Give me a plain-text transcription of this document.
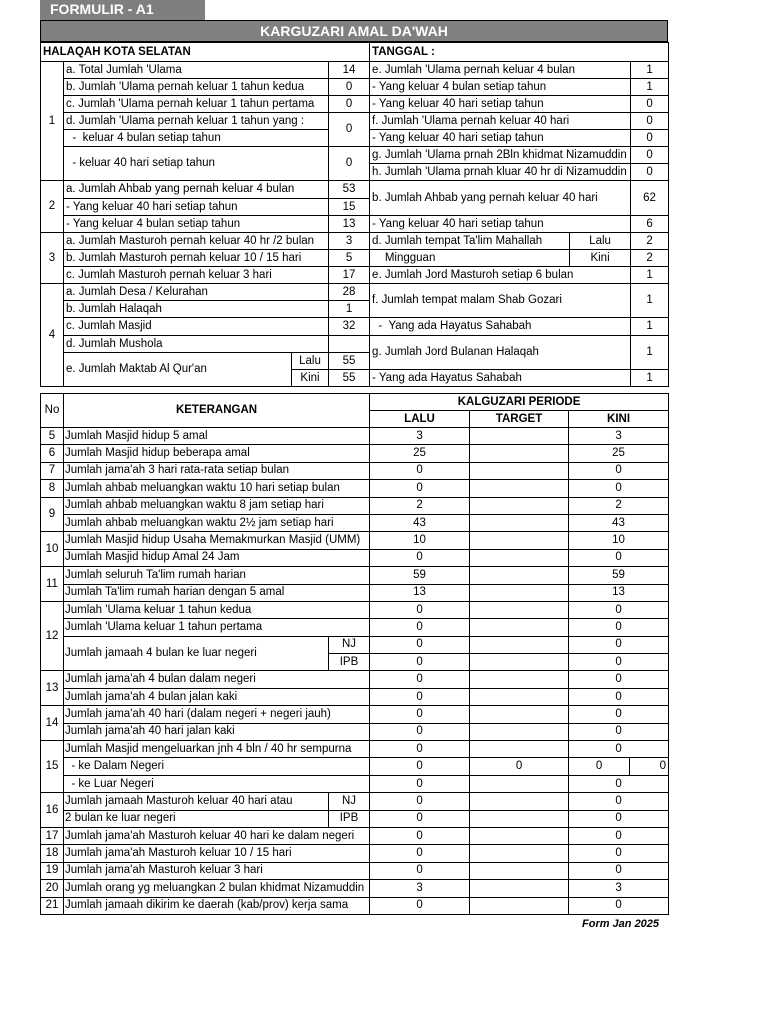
FORMULIR - A1
KARGUZARI AMAL DA'WAH
HALAQAH KOTA SELATAN				TANGGAL :		
1	a. Total Jumlah 'Ulama		14	e. Jumlah 'Ulama pernah keluar 4 bulan		1
	b. Jumlah 'Ulama pernah keluar 1 tahun kedua		0	- Yang keluar 4 bulan setiap tahun		1
	c. Jumlah 'Ulama pernah keluar 1 tahun pertama		0	- Yang keluar 40 hari setiap tahun		0
	d. Jumlah 'Ulama pernah keluar 1 tahun yang :		0	f. Jumlah 'Ulama pernah keluar 40 hari		0
	-  keluar 4 bulan setiap tahun			- Yang keluar 40 hari setiap tahun		0
	- keluar 40 hari setiap tahun		0	g. Jumlah 'Ulama prnah 2Bln khidmat Nizamuddin		0
				h. Jumlah 'Ulama prnah kluar 40 hr di Nizamuddin		0
2	a. Jumlah Ahbab yang pernah keluar 4 bulan		53	b. Jumlah Ahbab yang pernah keluar 40 hari		62
	- Yang keluar 40 hari setiap tahun		15			
	- Yang keluar 4 bulan setiap tahun		13	- Yang keluar 40 hari setiap tahun		6
3	a. Jumlah Masturoh pernah keluar 40 hr /2 bulan		3	d. Jumlah tempat Ta'lim Mahallah	Lalu	2
	b. Jumlah Masturoh pernah keluar 10 / 15 hari		5	Mingguan	Kini	2
	c. Jumlah Masturoh pernah keluar 3 hari		17	e. Jumlah Jord Masturoh setiap 6 bulan		1
4	a. Jumlah Desa / Kelurahan		28	f. Jumlah tempat malam Shab Gozari		1
	b. Jumlah Halaqah		1			
	c. Jumlah Masjid		32	-  Yang ada Hayatus Sahabah		1
	d. Jumlah Mushola			g. Jumlah Jord Bulanan Halaqah		1
	e. Jumlah Maktab Al Qur'an	Lalu	55			
		Kini	55	- Yang ada Hayatus Sahabah		1
No	KETERANGAN		KALGUZARI PERIODE			
			LALU	TARGET	KINI	
5	Jumlah Masjid hidup 5 amal		3		3	
6	Jumlah Masjid hidup beberapa amal		25		25	
7	Jumlah jama'ah 3 hari rata-rata setiap bulan		0		0	
8	Jumlah ahbab meluangkan waktu 10 hari setiap bulan		0		0	
9	Jumlah ahbab meluangkan waktu 8 jam setiap hari		2		2	
	Jumlah ahbab meluangkan waktu 2½ jam setiap hari		43		43	
10	Jumlah Masjid hidup Usaha Memakmurkan Masjid (UMM)		10		10	
	Jumlah Masjid hidup Amal 24 Jam		0		0	
11	Jumlah seluruh Ta'lim rumah harian		59		59	
	Jumlah Ta'lim rumah harian dengan 5 amal		13		13	
12	Jumlah 'Ulama keluar 1 tahun kedua		0		0	
	Jumlah 'Ulama keluar 1 tahun pertama		0		0	
	Jumlah jamaah 4 bulan ke luar negeri	NJ	0		0	
		IPB	0		0	
13	Jumlah jama'ah 4 bulan dalam negeri		0		0	
	Jumlah jama'ah 4 bulan jalan kaki		0		0	
14	Jumlah jama'ah 40 hari (dalam negeri + negeri jauh)		0		0	
	Jumlah jama'ah 40 hari jalan kaki		0		0	
15	Jumlah Masjid mengeluarkan jnh 4 bln / 40 hr sempurna		0		0	
	- ke Dalam Negeri		0	0	0	0
	- ke Luar Negeri		0		0	
16	Jumlah jamaah Masturoh keluar 40 hari atau	NJ	0		0	
	2 bulan ke luar negeri	IPB	0		0	
17	Jumlah jama'ah Masturoh keluar 40 hari ke dalam negeri		0		0	
18	Jumlah jama'ah Masturoh keluar 10 / 15 hari		0		0	
19	Jumlah jama'ah Masturoh keluar 3 hari		0		0	
20	Jumlah orang yg meluangkan 2 bulan khidmat Nizamuddin		3		3	
21	Jumlah jamaah dikirim ke daerah (kab/prov) kerja sama		0		0	
Form Jan 2025
